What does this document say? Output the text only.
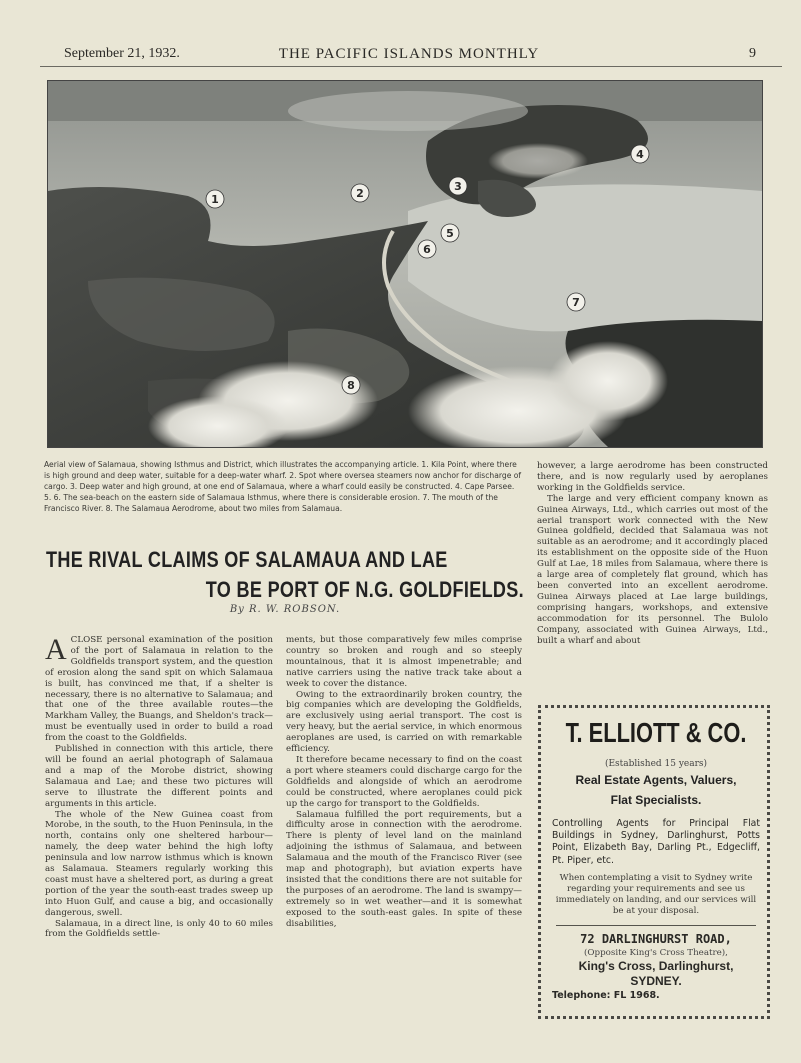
September 21, 1932.	THE PACIFIC ISLANDS MONTHLY	9
1	2
3
4
5
6
7
8

Aerial view of Salamaua, showing Isthmus and District, which illustrates the accompanying article. 1. Kila Point, where there is high ground and deep water, suitable for a deep-water wharf. 2. Spot where oversea steamers now anchor for discharge of cargo. 3. Deep water and high ground, at one end of Salamaua, where a wharf could easily be constructed. 4. Cape Parsee. 5. 6. The sea-beach on the eastern side of Salamaua Isthmus, where there is considerable erosion. 7. The mouth of the Francisco River. 8. The Salamaua Aerodrome, about two miles from Salamaua.

THE RIVAL CLAIMS OF SALAMAUA AND LAE
TO BE PORT OF N.G. GOLDFIELDS.
By R. W. ROBSON.

ACLOSE personal examination of the position of the port of Salamaua in relation to the Goldfields transport system, and the question of erosion along the sand spit on which Salamaua is built, has convinced me that, if a shelter is necessary, there is no alternative to Salamaua; and that one of the three available routes—the Markham Valley, the Buangs, and Sheldon's track—must be eventually used in order to build a road from the coast to the Goldfields.

Published in connection with this article, there will be found an aerial photograph of Salamaua and a map of the Morobe district, showing Salamaua and Lae; and these two pictures will serve to illustrate the different points and arguments in this article.

The whole of the New Guinea coast from Morobe, in the south, to the Huon Peninsula, in the north, contains only one sheltered harbour—namely, the deep water behind the high lofty peninsula and low narrow isthmus which is known as Salamaua. Steamers regularly working this coast must have a sheltered port, as during a great portion of the year the south-east trades sweep up into Huon Gulf, and cause a big, and occasionally dangerous, swell.

Salamaua, in a direct line, is only 40 to 60 miles from the Goldfields settle-

ments, but those comparatively few miles comprise country so broken and rough and so steeply mountainous, that it is almost impenetrable; and native carriers using the native track take about a week to cover the distance.

Owing to the extraordinarily broken country, the big companies which are developing the Goldfields, are exclusively using aerial transport. The cost is very heavy, but the aerial service, in which enormous aeroplanes are used, is carried on with remarkable efficiency.

It therefore became necessary to find on the coast a port where steamers could discharge cargo for the Goldfields and alongside of which an aerodrome could be constructed, where aeroplanes could pick up the cargo for transport to the Goldfields.

Salamaua fulfilled the port requirements, but a difficulty arose in connection with the aerodrome. There is plenty of level land on the mainland adjoining the isthmus of Salamaua, and between Salamaua and the mouth of the Francisco River (see map and photograph), but aviation experts have insisted that the conditions there are not suitable for the purposes of an aerodrome. The land is swampy—extremely so in wet weather—and it is somewhat exposed to the south-east gales. In spite of these disabilities,

however, a large aerodrome has been constructed there, and is now regularly used by aeroplanes working in the Goldfields service.

The large and very efficient company known as Guinea Airways, Ltd., which carries out most of the aerial transport work connected with the New Guinea goldfield, decided that Salamaua was not suitable as an aerodrome; and it accordingly placed its establishment on the opposite side of the Huon Gulf at Lae, 18 miles from Salamaua, where there is a large area of completely flat ground, which has been converted into an excellent aerodrome. Guinea Airways placed at Lae large buildings, comprising hangars, workshops, and extensive accommodation for its personnel. The Bulolo Company, associated with Guinea Airways, Ltd., built a wharf and about

T. ELLIOTT & CO.
(Established 15 years)
Real Estate Agents, Valuers,
Flat Specialists.
Controlling Agents for Principal Flat Buildings in Sydney, Darlinghurst, Potts Point, Elizabeth Bay, Darling Pt., Edgecliff, Pt. Piper, etc.
When contemplating a visit to Sydney write regarding your requirements and see us immediately on landing, and our services will be at your disposal.
72 DARLINGHURST ROAD,
(Opposite King's Cross Theatre),
King's Cross, Darlinghurst,
SYDNEY.
Telephone: FL 1968.
